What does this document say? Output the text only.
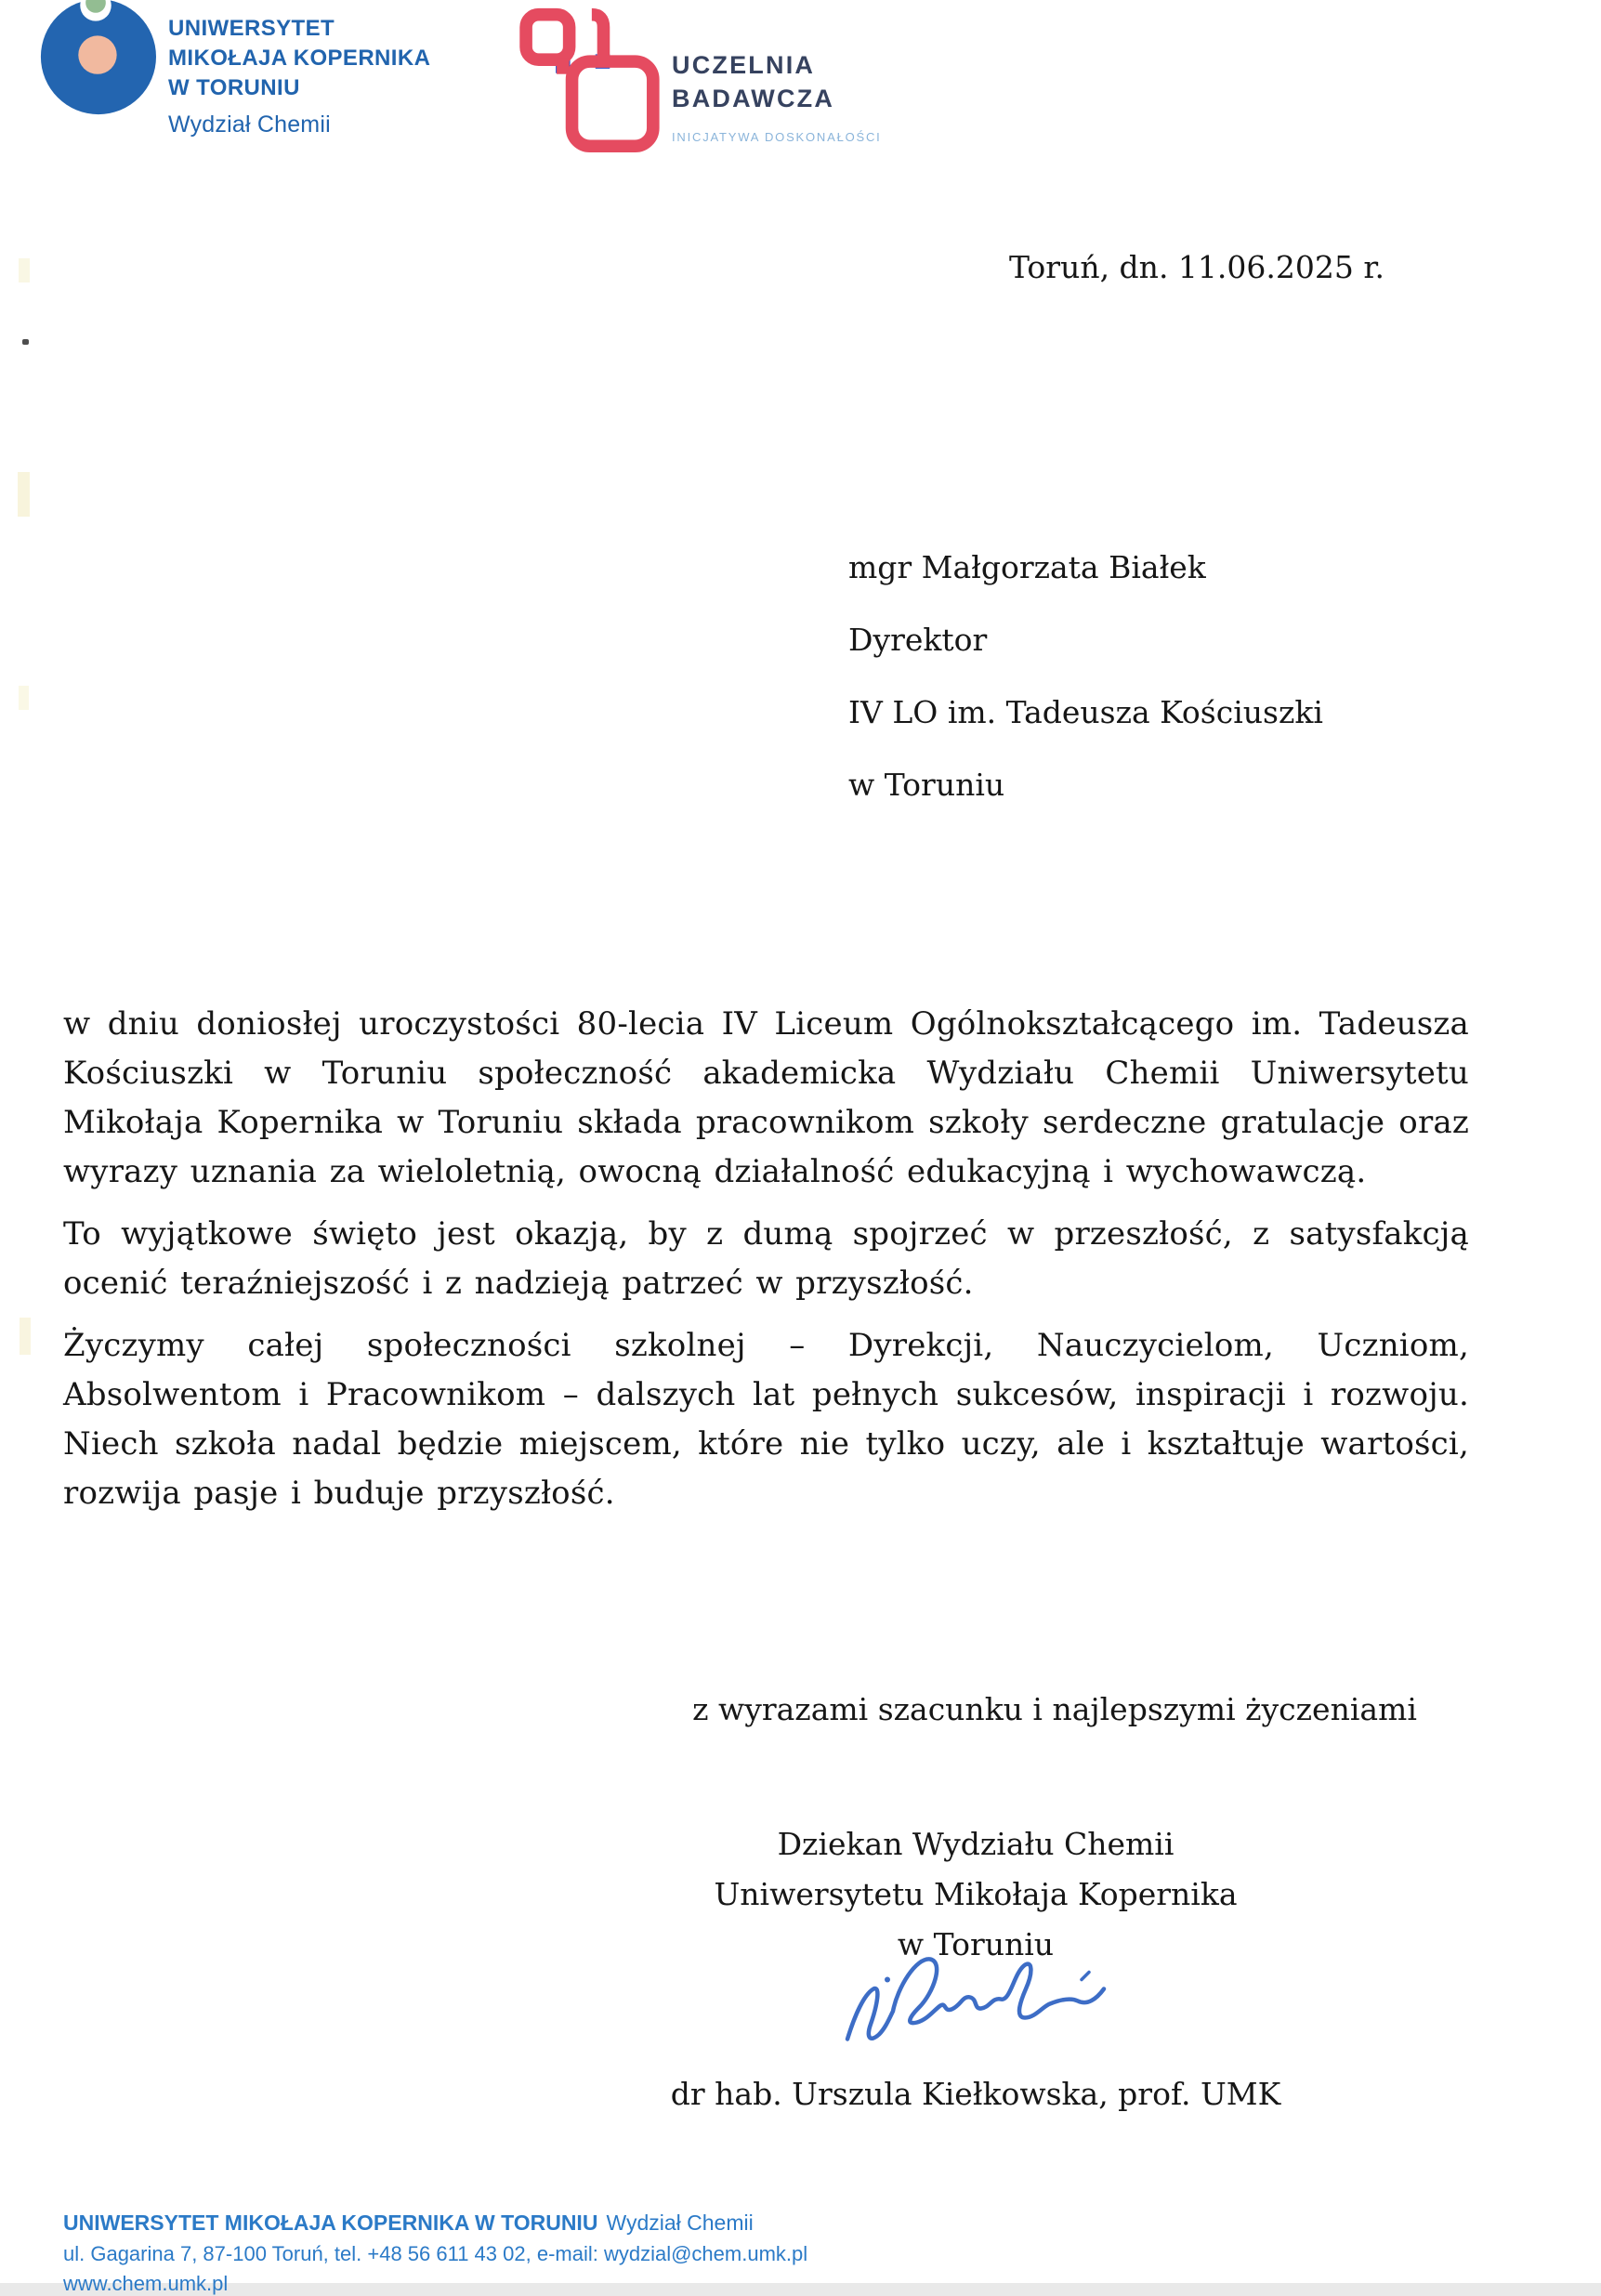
UNIWERSYTET
MIKOŁAJA KOPERNIKA
W TORUNIU
Wydział Chemii
UCZELNIA
BADAWCZA
INICJATYWA DOSKONAŁOŚCI
Toruń, dn. 11.06.2025 r.
mgr Małgorzata Białek
Dyrektor
IV LO im. Tadeusza Kościuszki
w Toruniu

w dniu doniosłej uroczystości 80-lecia IV Liceum Ogólnokształcącego im. Tadeusza Kościuszki w Toruniu społeczność akademicka Wydziału Chemii Uniwersytetu Mikołaja Kopernika w Toruniu składa pracownikom szkoły serdeczne gratulacje oraz wyrazy uznania za wieloletnią, owocną działalność edukacyjną i wychowawczą.

To wyjątkowe święto jest okazją, by z dumą spojrzeć w przeszłość, z satysfakcją ocenić teraźniejszość i z nadzieją patrzeć w przyszłość.

Życzymy całej społeczności szkolnej – Dyrekcji, Nauczycielom, Uczniom, Absolwentom i Pracownikom – dalszych lat pełnych sukcesów, inspiracji i rozwoju. Niech szkoła nadal będzie miejscem, które nie tylko uczy, ale i kształtuje wartości, rozwija pasje i buduje przyszłość.

z wyrazami szacunku i najlepszymi życzeniami
Dziekan Wydziału Chemii
Uniwersytetu Mikołaja Kopernika
w Toruniu
dr hab. Urszula Kiełkowska, prof. UMK
UNIWERSYTET MIKOŁAJA KOPERNIKA W TORUNIU Wydział Chemii
ul. Gagarina 7, 87-100 Toruń, tel. +48 56 611 43 02, e-mail: wydzial@chem.umk.pl
www.chem.umk.pl
